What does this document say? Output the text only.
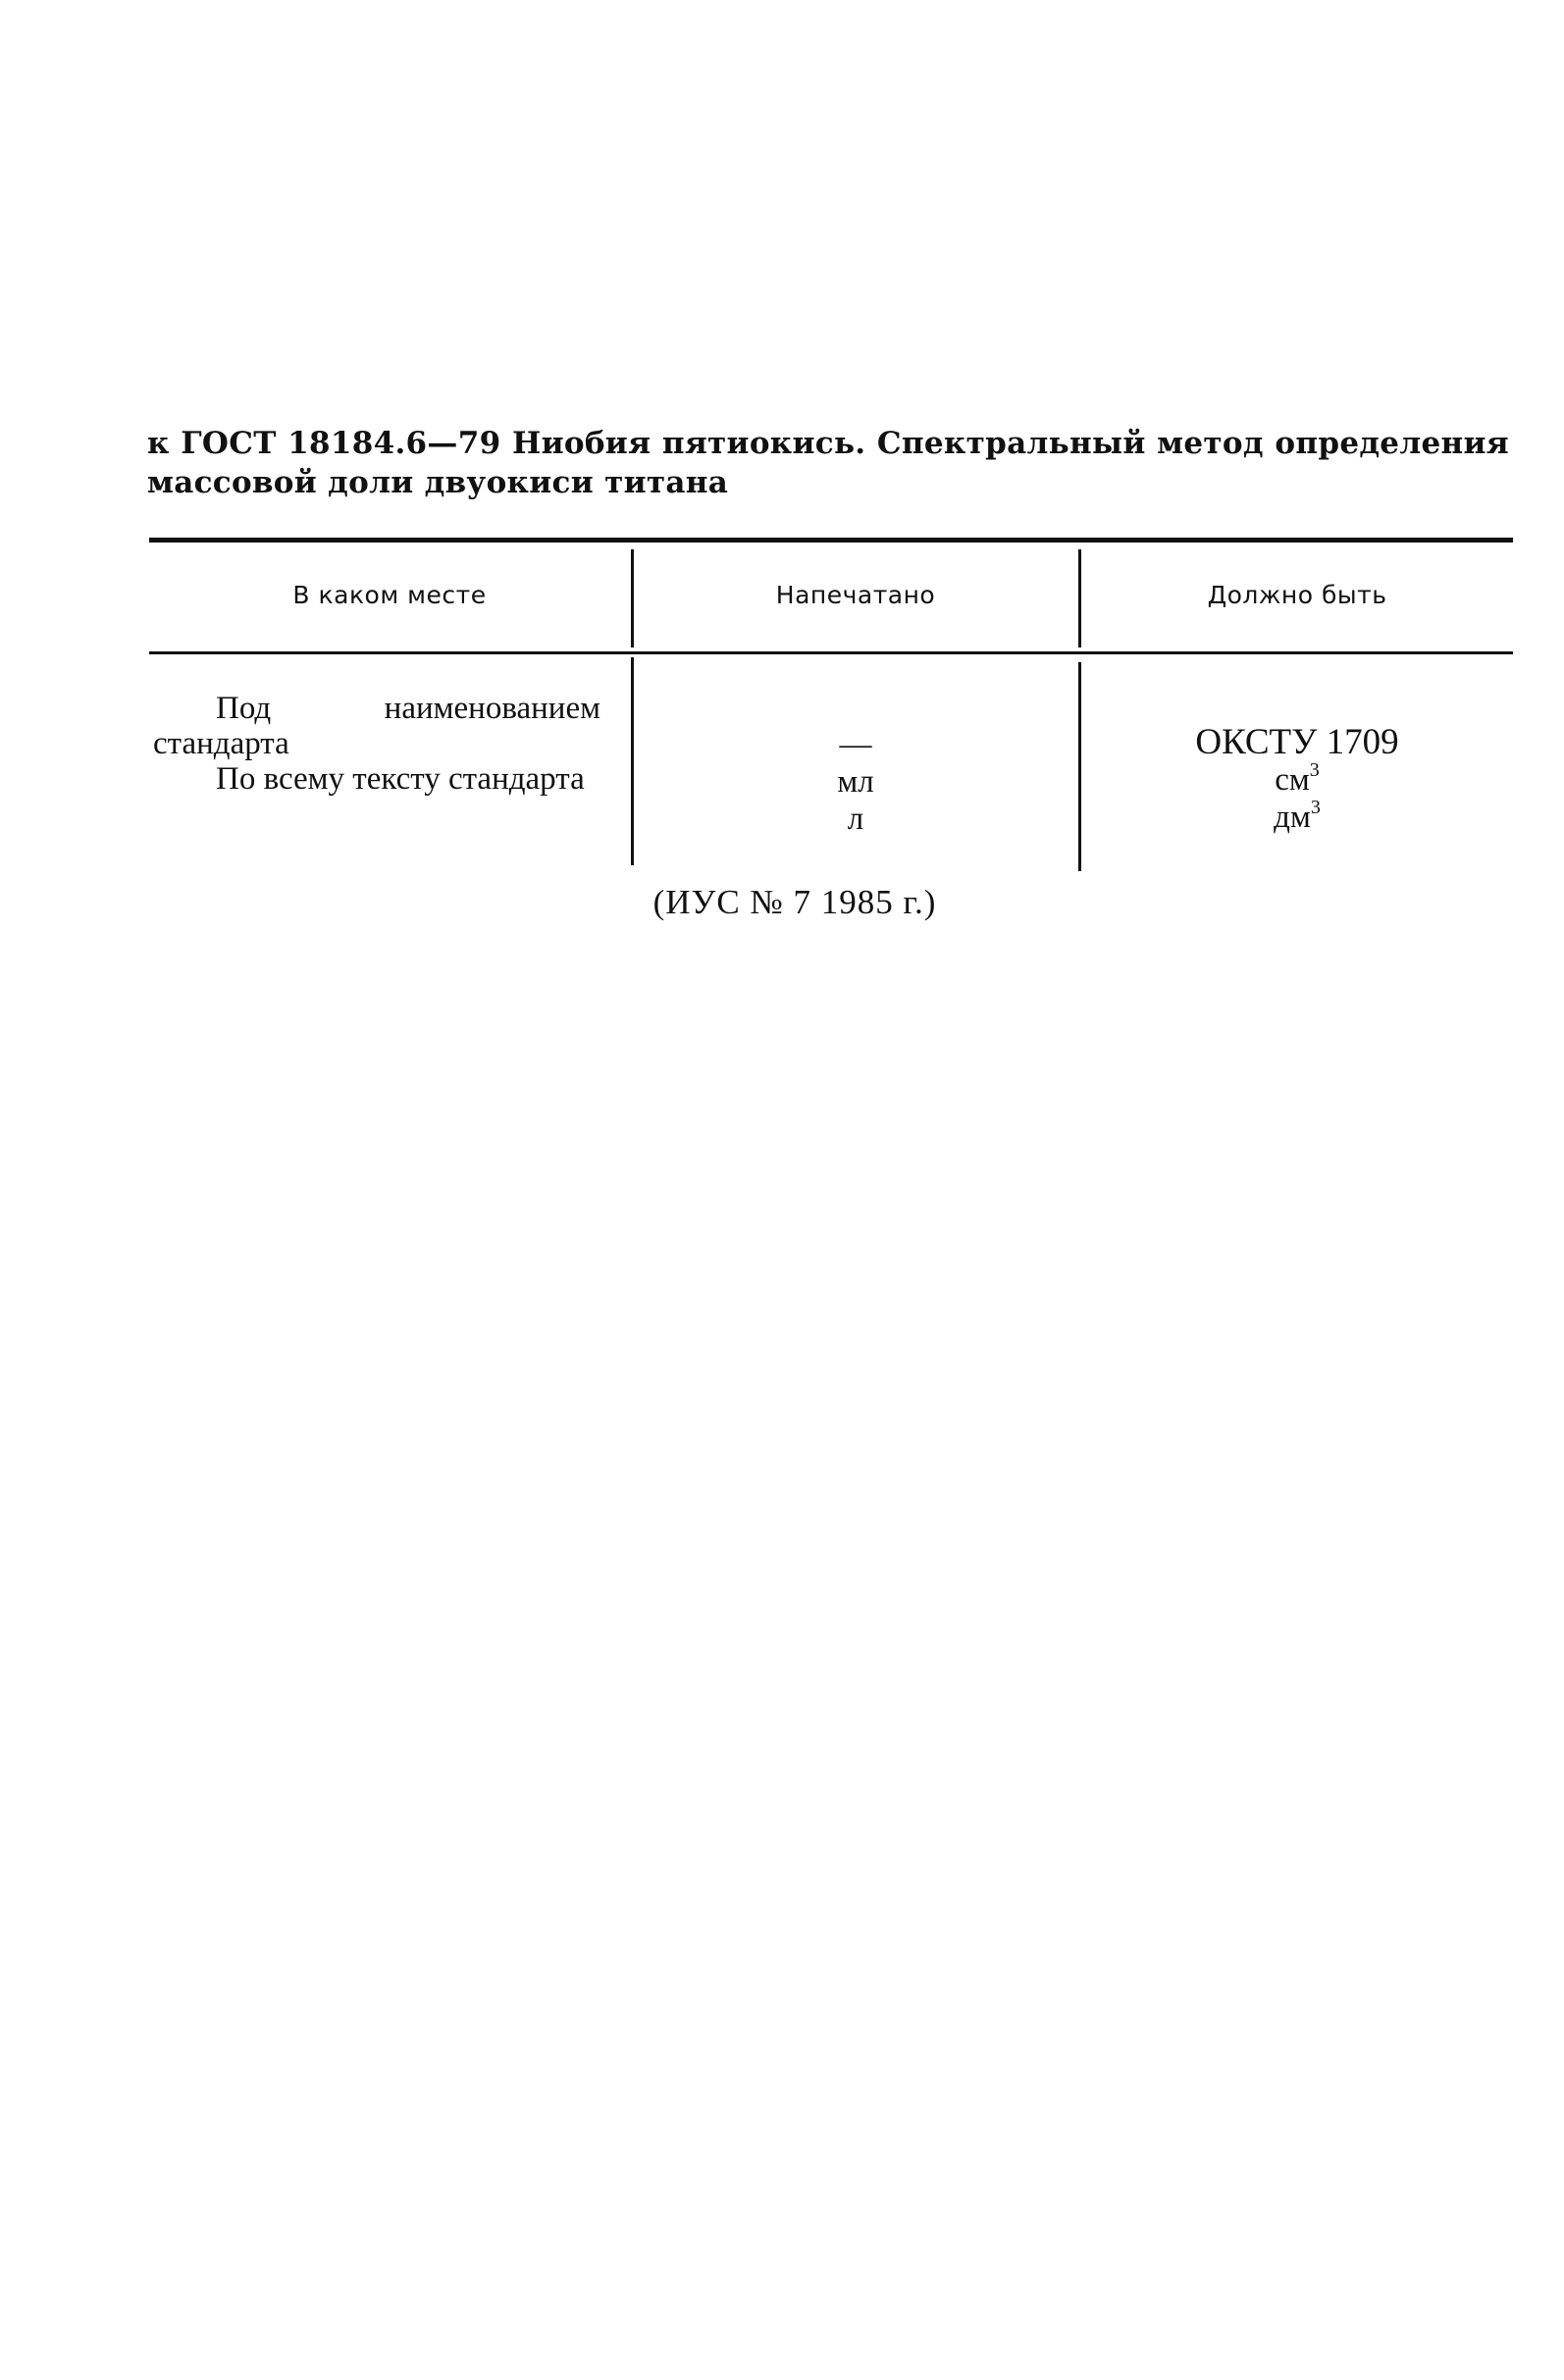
к ГОСТ 18184.6—79 Ниобия пятиокись. Спектральный метод определения массовой доли двуокиси титана
В каком месте	Напечатано	Должно быть
Под наименованием стандарта
По всему тексту стандарта
—
мл
л
ОКСТУ 1709
$см^3$
$дм^3$
(ИУС № 7 1985 г.)
